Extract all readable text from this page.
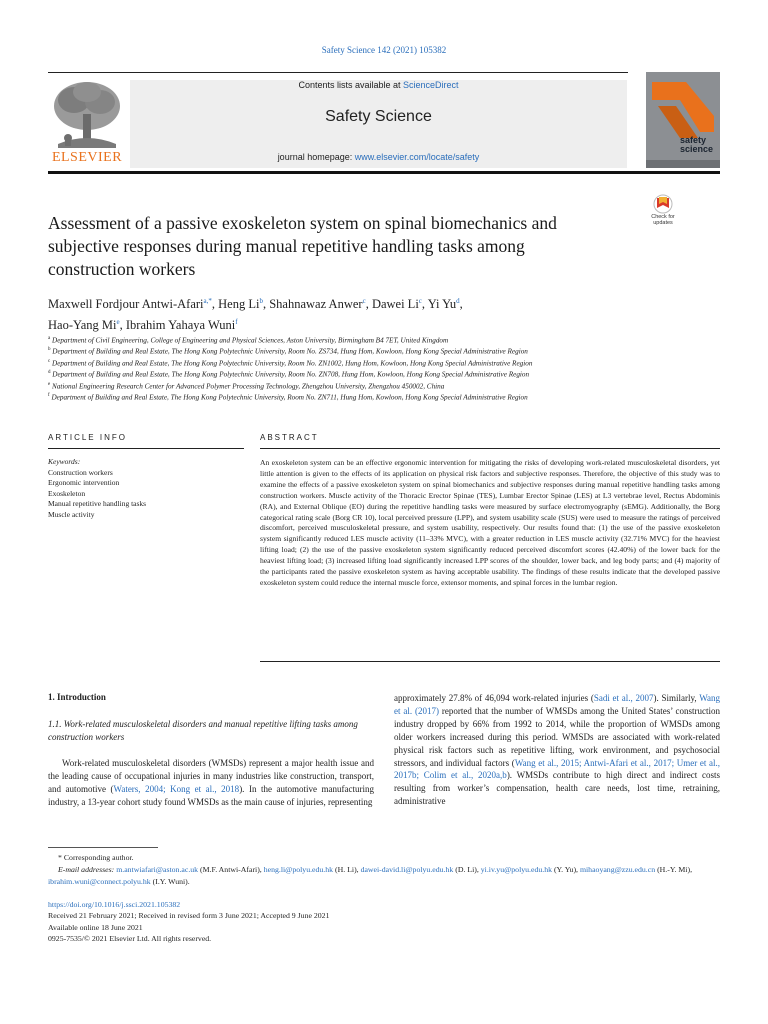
Safety Science 142 (2021) 105382
Contents lists available at ScienceDirect
Safety Science
journal homepage: www.elsevier.com/locate/safety
ELSEVIER
safety
science
Assessment of a passive exoskeleton system on spinal biomechanics and
subjective responses during manual repetitive handling tasks among
construction workers
Check for updates
Maxwell Fordjour Antwi-Afari$^{a,*}$, Heng Li$^b$, Shahnawaz Anwer$^c$, Dawei Li$^c$, Yi Yu$^d$,
Hao-Yang Mi$^e$, Ibrahim Yahaya Wuni$^f$
$^a$ Department of Civil Engineering, College of Engineering and Physical Sciences, Aston University, Birmingham B4 7ET, United Kingdom
$^b$ Department of Building and Real Estate, The Hong Kong Polytechnic University, Room No. ZS734, Hung Hom, Kowloon, Hong Kong Special Administrative Region
$^c$ Department of Building and Real Estate, The Hong Kong Polytechnic University, Room No. ZN1002, Hung Hom, Kowloon, Hong Kong Special Administrative Region
$^d$ Department of Building and Real Estate, The Hong Kong Polytechnic University, Room No. ZN708, Hung Hom, Kowloon, Hong Kong Special Administrative Region
$^e$ National Engineering Research Center for Advanced Polymer Processing Technology, Zhengzhou University, Zhengzhou 450002, China
$^f$ Department of Building and Real Estate, The Hong Kong Polytechnic University, Room No. ZN711, Hung Hom, Kowloon, Hong Kong Special Administrative Region
ARTICLE INFO	ABSTRACT
Keywords:
Construction workers
Ergonomic intervention
Exoskeleton
Manual repetitive handling tasks
Muscle activity
An exoskeleton system can be an effective ergonomic intervention for mitigating the risks of developing work-related musculoskeletal disorders, yet little attention is given to the effects of its application on physical risk factors and subjective responses. Therefore, the objective of this study was to examine the effects of a passive exoskeleton system on spinal biomechanics and subjective responses during manual repetitive handling tasks among construction workers. Muscle activity of the Thoracic Erector Spinae (TES), Lumbar Erector Spinae (LES) at L3 vertebrae level, Rectus Abdominis (RA), and External Oblique (EO) during the repetitive handling tasks were measured by surface electromyography (sEMG). Additionally, the Borg categorical rating scale (Borg CR 10), local perceived pressure (LPP), and system usability scale (SUS) were used to measure the ratings of perceived discomfort, perceived musculoskeletal pressure, and system usability, respectively. Our results found that: (1) the use of the passive exoskeleton system significantly reduced LES muscle activity (11–33% MVC), with a greater reduction in LES muscle activity (32.71% MVC) for the heaviest lifting load; (2) the use of the passive exoskeleton system significantly reduced perceived discomfort scores (42.40%) of the lower back for the heaviest lifting load; (3) increased lifting load significantly increased LPP scores of the shoulder, lower back, and leg body parts; and (4) majority of the participants rated the passive exoskeleton system as having acceptable usability. The findings of these results indicate that the developed passive exoskeleton system could reduce the internal muscle force, extensor moments, and spinal forces in the lumbar region.
1. Introduction
1.1. Work-related musculoskeletal disorders and manual repetitive lifting tasks among construction workers
Work-related musculoskeletal disorders (WMSDs) represent a major health issue and the leading cause of occupational injuries in many industries like construction, transport, and automotive (Waters, 2004; Kong et al., 2018). In the automotive manufacturing industry, a 13-year cohort study found WMSDs as the main cause of injuries, representing
approximately 27.8% of 46,094 work-related injuries (Sadi et al., 2007). Similarly, Wang et al. (2017) reported that the number of WMSDs among the United States’ construction industry dropped by 66% from 1992 to 2014, while the proportion of WMSDs among older workers increased during this period. WMSDs are associated with work-related physical risk factors such as repetitive lifting, work environment, and psychosocial stressors, and individual factors (Wang et al., 2015; Antwi-Afari et al., 2017; Umer et al., 2017b; Colim et al., 2020a,b). WMSDs contribute to high direct and indirect costs resulting from worker’s compensation, health care needs, lost time, retraining, administrative
* Corresponding author.
E-mail addresses: m.antwiafari@aston.ac.uk (M.F. Antwi-Afari), heng.li@polyu.edu.hk (H. Li), dawei-david.li@polyu.edu.hk (D. Li), yi.iv.yu@polyu.edu.hk (Y. Yu), mihaoyang@zzu.edu.cn (H.-Y. Mi), ibrahim.wuni@connect.polyu.hk (I.Y. Wuni).
https://doi.org/10.1016/j.ssci.2021.105382
Received 21 February 2021; Received in revised form 3 June 2021; Accepted 9 June 2021
Available online 18 June 2021
0925-7535/© 2021 Elsevier Ltd. All rights reserved.
